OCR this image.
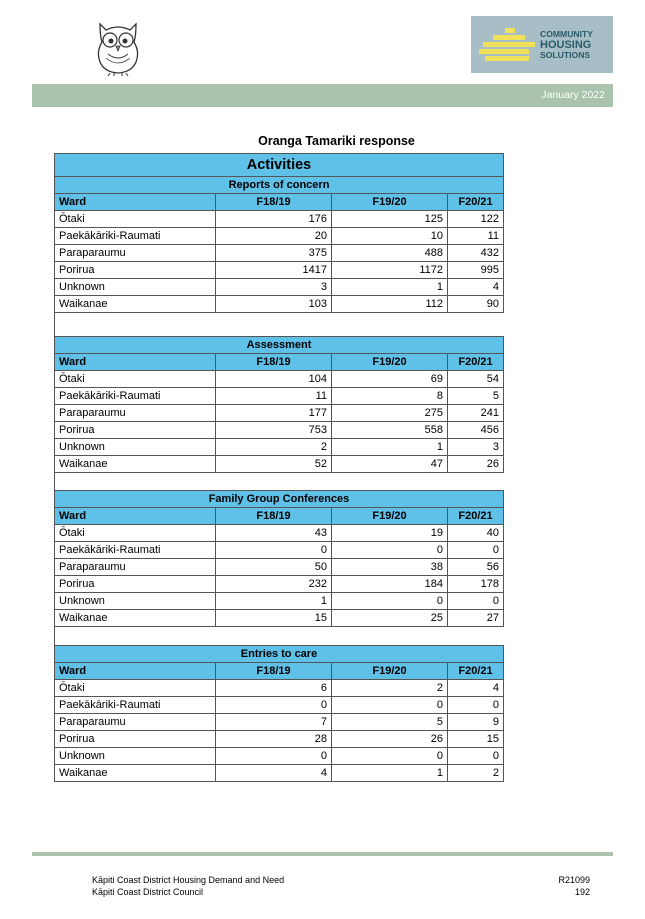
COMMUNITY
HOUSING
SOLUTIONS
January 2022
Oranga Tamariki response
Activities			
Reports of concern			
Ward	F18/19	F19/20	F20/21
Ōtaki	176	125	122
Paekākāriki-Raumati	20	10	11
Paraparaumu	375	488	432
Porirua	1417	1172	995
Unknown	3	1	4
Waikanae	103	112	90
Assessment			
Ward	F18/19	F19/20	F20/21
Ōtaki	104	69	54
Paekākāriki-Raumati	11	8	5
Paraparaumu	177	275	241
Porirua	753	558	456
Unknown	2	1	3
Waikanae	52	47	26
Family Group Conferences			
Ward	F18/19	F19/20	F20/21
Ōtaki	43	19	40
Paekākāriki-Raumati	0	0	0
Paraparaumu	50	38	56
Porirua	232	184	178
Unknown	1	0	0
Waikanae	15	25	27
Entries to care			
Ward	F18/19	F19/20	F20/21
Ōtaki	6	2	4
Paekākāriki-Raumati	0	0	0
Paraparaumu	7	5	9
Porirua	28	26	15
Unknown	0	0	0
Waikanae	4	1	2
Kāpiti Coast District Housing Demand and Need
Kāpiti Coast District Council
R21099
192
